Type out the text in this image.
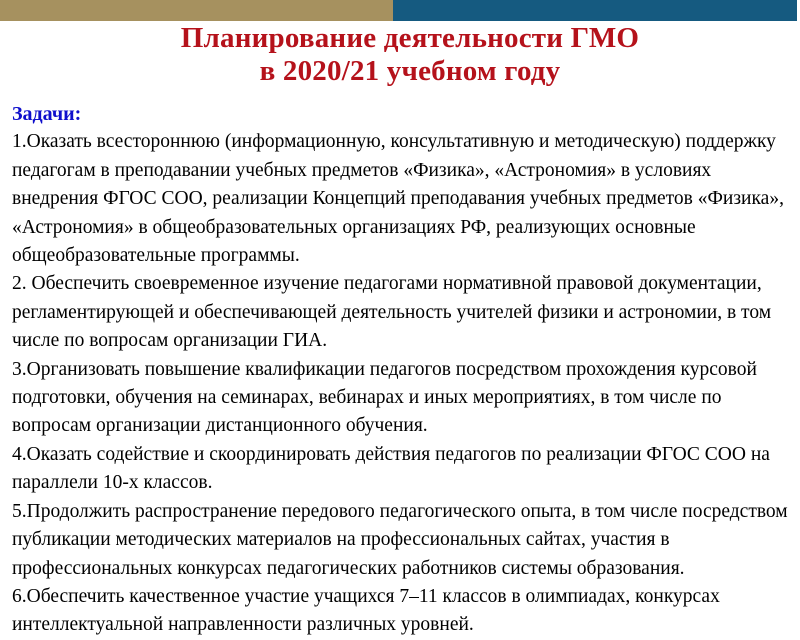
Планирование деятельности ГМО
в 2020/21 учебном году

Задачи:

1.Оказать всестороннюю (информационную, консультативную и методическую) поддержку педагогам в преподавании учебных предметов «Физика», «Астрономия» в условиях внедрения ФГОС СОО, реализации Концепций преподавания учебных предметов «Физика», «Астрономия» в общеобразовательных организациях РФ, реализующих основные общеобразовательные программы.

2. Обеспечить своевременное изучение педагогами нормативной правовой документации, регламентирующей и обеспечивающей деятельность учителей физики и астрономии, в том числе по вопросам организации ГИА.

3.Организовать повышение квалификации педагогов посредством прохождения курсовой подготовки, обучения на семинарах, вебинарах и иных мероприятиях, в том числе по вопросам организации дистанционного обучения.

4.Оказать содействие и скоординировать действия педагогов по реализации ФГОС СОО на параллели 10-х классов.

5.Продолжить распространение передового педагогического опыта, в том числе посредством публикации методических материалов на профессиональных сайтах, участия в профессиональных конкурсах педагогических работников системы образования.

6.Обеспечить качественное участие учащихся 7–11 классов в олимпиадах, конкурсах интеллектуальной направленности различных уровней.
